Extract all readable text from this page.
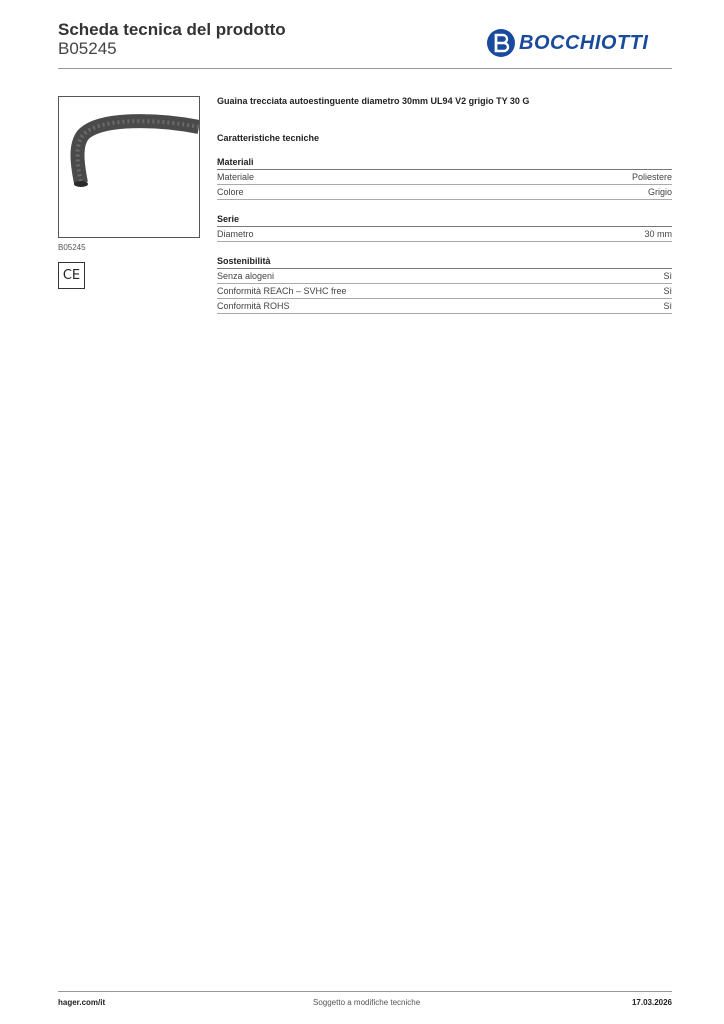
Scheda tecnica del prodotto
B05245	BOCCHIOTTI
B05245
CE
Guaina trecciata autoestinguente diametro 30mm UL94 V2 grigio TY 30 G
Caratteristiche tecniche
Materiali
Materiale	Poliestere
Colore	Grigio
Serie
Diametro	30 mm
Sostenibilità
Senza alogeni	Sì
Conformità REACh – SVHC free	Sì
Conformità ROHS	Sì
hager.com/it	Soggetto a modifiche tecniche	17.03.2026
